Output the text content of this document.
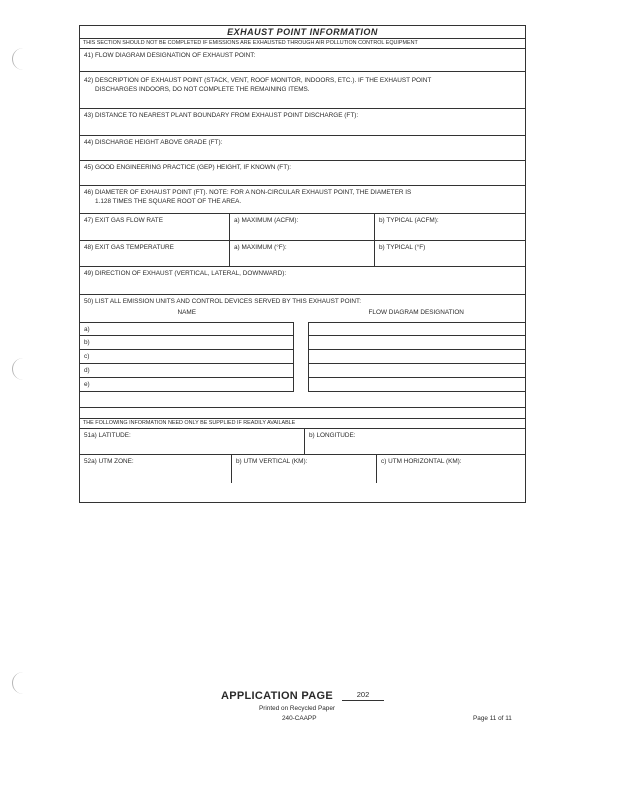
EXHAUST POINT INFORMATION
THIS SECTION SHOULD NOT BE COMPLETED IF EMISSIONS ARE EXHAUSTED THROUGH AIR POLLUTION CONTROL EQUIPMENT
41) FLOW DIAGRAM DESIGNATION OF EXHAUST POINT:
42) DESCRIPTION OF EXHAUST POINT (STACK, VENT, ROOF MONITOR, INDOORS, ETC.). IF THE EXHAUST POINT
DISCHARGES INDOORS, DO NOT COMPLETE THE REMAINING ITEMS.
43) DISTANCE TO NEAREST PLANT BOUNDARY FROM EXHAUST POINT DISCHARGE (FT):
44) DISCHARGE HEIGHT ABOVE GRADE (FT):
45) GOOD ENGINEERING PRACTICE (GEP) HEIGHT, IF KNOWN (FT):
46) DIAMETER OF EXHAUST POINT (FT). NOTE: FOR A NON-CIRCULAR EXHAUST POINT, THE DIAMETER IS
1.128 TIMES THE SQUARE ROOT OF THE AREA.
47) EXIT GAS FLOW RATE	a) MAXIMUM (ACFM):	b) TYPICAL (ACFM):
48) EXIT GAS TEMPERATURE	a) MAXIMUM (°F):	b) TYPICAL (°F)
49) DIRECTION OF EXHAUST (VERTICAL, LATERAL, DOWNWARD):
50) LIST ALL EMISSION UNITS AND CONTROL DEVICES SERVED BY THIS EXHAUST POINT:
NAME	FLOW DIAGRAM DESIGNATION
a)
b)
c)
d)
e)
THE FOLLOWING INFORMATION NEED ONLY BE SUPPLIED IF READILY AVAILABLE
51a) LATITUDE:	b) LONGITUDE:
52a) UTM ZONE:	b) UTM VERTICAL (KM):	c) UTM HORIZONTAL (KM):
APPLICATION PAGE	202
Printed on Recycled Paper
240-CAAPP	Page 11 of 11
